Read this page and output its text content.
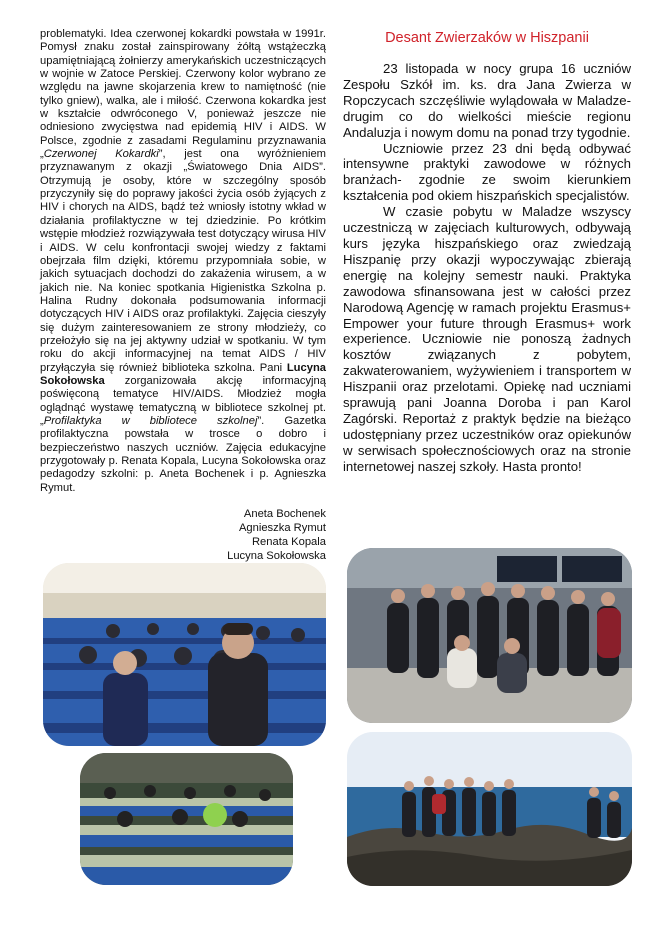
problematyki. Idea czerwonej kokardki powstała w 1991r. Pomysł znaku został zainspirowany żółtą wstążeczką upamiętniającą żołnierzy amerykańskich uczestniczących w wojnie w Zatoce Perskiej. Czerwony kolor wybrano ze względu na jawne skojarzenia krew to namiętność (nie tylko gniew), walka, ale i miłość. Czerwona kokardka jest w kształcie odwróconego V, ponieważ jeszcze nie odniesiono zwycięstwa nad epidemią HIV i AIDS. W Polsce, zgodnie z zasadami Regulaminu przyznawania „Czerwonej Kokardki”, jest ona wyróżnieniem przyznawanym z okazji „Światowego Dnia AIDS”. Otrzymują je osoby, które w szczególny sposób przyczyniły się do poprawy jakości życia osób żyjących z HIV i chorych na AIDS, bądź też wniosły istotny wkład w działania profilaktyczne w tej dziedzinie. Po krótkim wstępie młodzież rozwiązywała test dotyczący wirusa HIV i AIDS. W celu konfrontacji swojej wiedzy z faktami obejrzała film dzięki, któremu przypomniała sobie, w jakich sytuacjach dochodzi do zakażenia wirusem, a w jakich nie. Na koniec spotkania Higienistka Szkolna p. Halina Rudny dokonała podsumowania informacji dotyczących HIV i AIDS oraz profilaktyki. Zajęcia cieszyły się dużym zainteresowaniem ze strony młodzieży, co przełożyło się na jej aktywny udział w spotkaniu. W tym roku do akcji informacyjnej na temat AIDS / HIV przyłączyła się również biblioteka szkolna. Pani Lucyna Sokołowska zorganizowała akcję informacyjną poświęconą tematyce HIV/AIDS. Młodzież mogła oglądnąć wystawę tematyczną w bibliotece szkolnej pt. „Profilaktyka w bibliotece szkolnej”. Gazetka profilaktyczna powstała w trosce o dobro i bezpieczeństwo naszych uczniów. Zajęcia edukacyjne przygotowały p. Renata Kopala, Lucyna Sokołowska oraz pedagodzy szkolni: p. Aneta Bochenek i p. Agnieszka Rymut.

Aneta Bochenek
Agnieszka Rymut
Renata Kopala
Lucyna Sokołowska
Desant Zwierzaków w Hiszpanii

23 listopada w nocy grupa 16 uczniów Zespołu Szkół im. ks. dra Jana Zwierza w Ropczycach szczęśliwie wylądowała w Maladze- drugim co do wielkości mieście regionu Andaluzja i nowym domu na ponad trzy tygodnie.

Uczniowie przez 23 dni będą odbywać intensywne praktyki zawodowe w różnych branżach- zgodnie ze swoim kierunkiem kształcenia pod okiem hiszpańskich specjalistów.

W czasie pobytu w Maladze wszyscy uczestniczą w zajęciach kulturowych, odbywają kurs języka hiszpańskiego oraz zwiedzają Hiszpanię przy okazji wypoczywając zbierają energię na kolejny semestr nauki. Praktyka zawodowa sfinansowana jest w całości przez Narodową Agencję w ramach projektu Erasmus+ Empower your future through Erasmus+ work experience. Uczniowie nie ponoszą żadnych kosztów związanych z pobytem, zakwaterowaniem, wyżywieniem i transportem w Hiszpanii oraz przelotami. Opiekę nad uczniami sprawują pani Joanna Doroba i pan Karol Zagórski. Reportaż z praktyk będzie na bieżąco udostępniany przez uczestników oraz opiekunów w serwisach społecznościowych oraz na stronie internetowej naszej szkoły. Hasta pronto!
